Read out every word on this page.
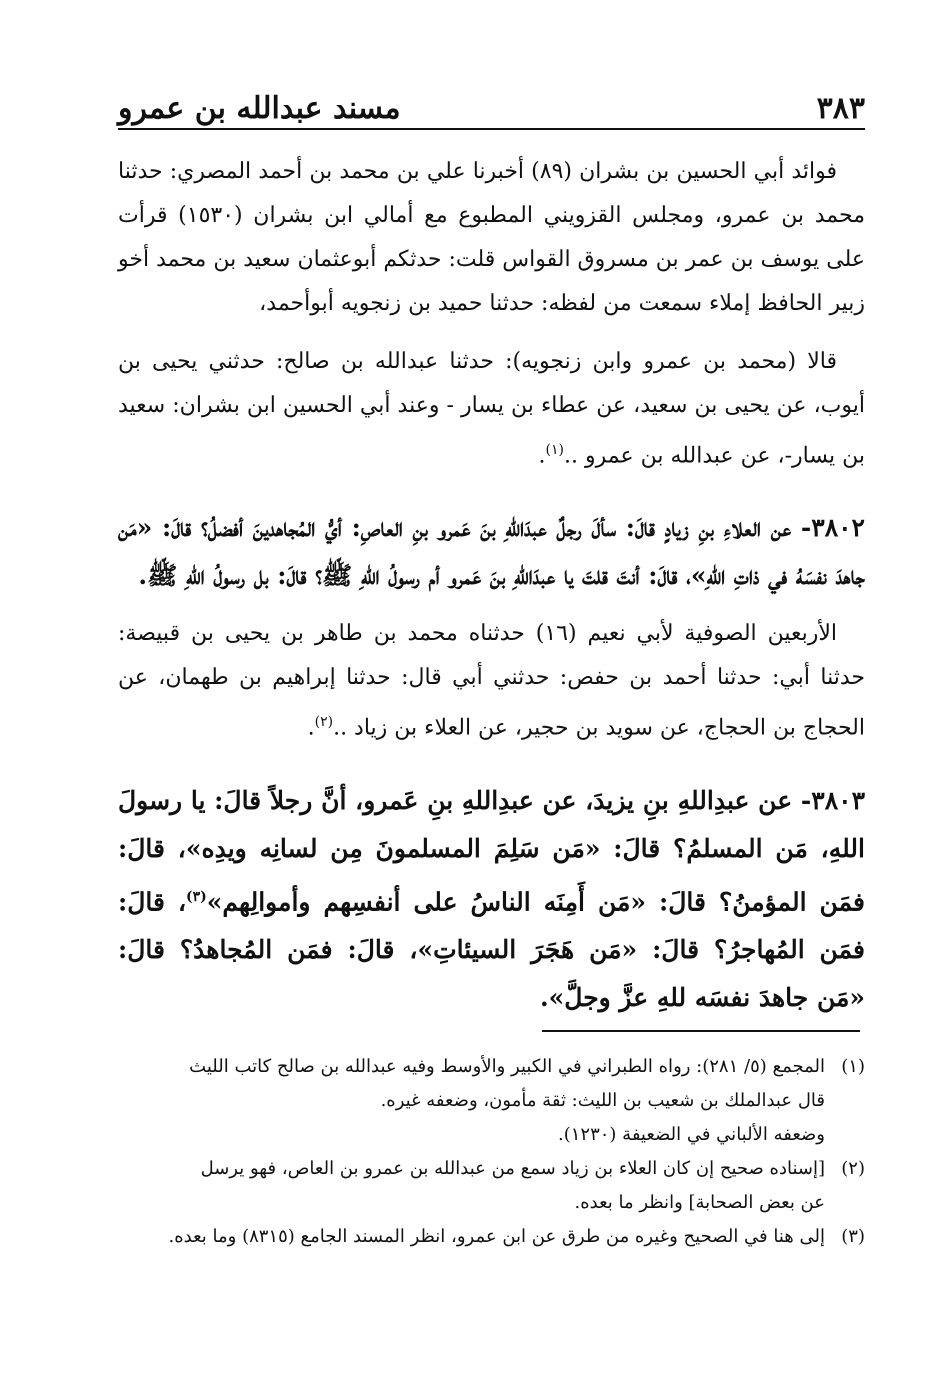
مسند عبدالله بن عمرو	٣٨٣

فوائد أبي الحسين بن بشران (٨٩) أخبرنا علي بن محمد بن أحمد المصري: حدثنا محمد بن عمرو، ومجلس القزويني المطبوع مع أمالي ابن بشران (١٥٣٠) قرأت على يوسف بن عمر بن مسروق القواس قلت: حدثكم أبوعثمان سعيد بن محمد أخو زبير الحافظ إملاء سمعت من لفظه: حدثنا حميد بن زنجويه أبوأحمد،

قالا (محمد بن عمرو وابن زنجويه): حدثنا عبدالله بن صالح: حدثني يحيى بن أيوب، عن يحيى بن سعيد، عن عطاء بن يسار - وعند أبي الحسين ابن بشران: سعيد بن يسار-، عن عبدالله بن عمرو ..$^{(١)}$.

٣٨٠٢- عن العلاءِ بنِ زيادٍ قالَ: سألَ رجلٌ عبدَاللهِ بنَ عَمرو بنِ العاصِ: أيُّ المُجاهدينَ أفضلُ؟ قالَ: «مَن جاهدَ نفسَهُ في ذاتِ اللهِ»، قالَ: أنتَ قلتَ يا عبدَاللهِ بنَ عَمرو أم رسولُ اللهِ ﷺ؟ قالَ: بل رسولُ اللهِ ﷺ.

الأربعين الصوفية لأبي نعيم (١٦) حدثناه محمد بن طاهر بن يحيى بن قبيصة: حدثنا أبي: حدثنا أحمد بن حفص: حدثني أبي قال: حدثنا إبراهيم بن طهمان، عن الحجاج بن الحجاج، عن سويد بن حجير، عن العلاء بن زياد ..$^{(٢)}$.

٣٨٠٣- عن عبدِاللهِ بنِ يزيدَ، عن عبدِاللهِ بنِ عَمرو، أنَّ رجلاً قالَ: يا رسولَ اللهِ، مَن المسلمُ؟ قالَ: «مَن سَلِمَ المسلمونَ مِن لسانِه ويدِه»، قالَ: فمَن المؤمنُ؟ قالَ: «مَن أَمِنَه الناسُ على أنفسِهم وأموالِهم»$^{(٣)}$، قالَ: فمَن المُهاجرُ؟ قالَ: «مَن هَجَرَ السيئاتِ»، قالَ: فمَن المُجاهدُ؟ قالَ: «مَن جاهدَ نفسَه للهِ عزَّ وجلَّ».

(١)
المجمع (٥/ ٢٨١): رواه الطبراني في الكبير والأوسط وفيه عبدالله بن صالح كاتب الليث
قال عبدالملك بن شعيب بن الليث: ثقة مأمون، وضعفه غيره.
وضعفه الألباني في الضعيفة (١٢٣٠).
(٢)
[إسناده صحيح إن كان العلاء بن زياد سمع من عبدالله بن عمرو بن العاص، فهو يرسل
عن بعض الصحابة] وانظر ما بعده.
(٣)
إلى هنا في الصحيح وغيره من طرق عن ابن عمرو، انظر المسند الجامع (٨٣١٥) وما بعده.
